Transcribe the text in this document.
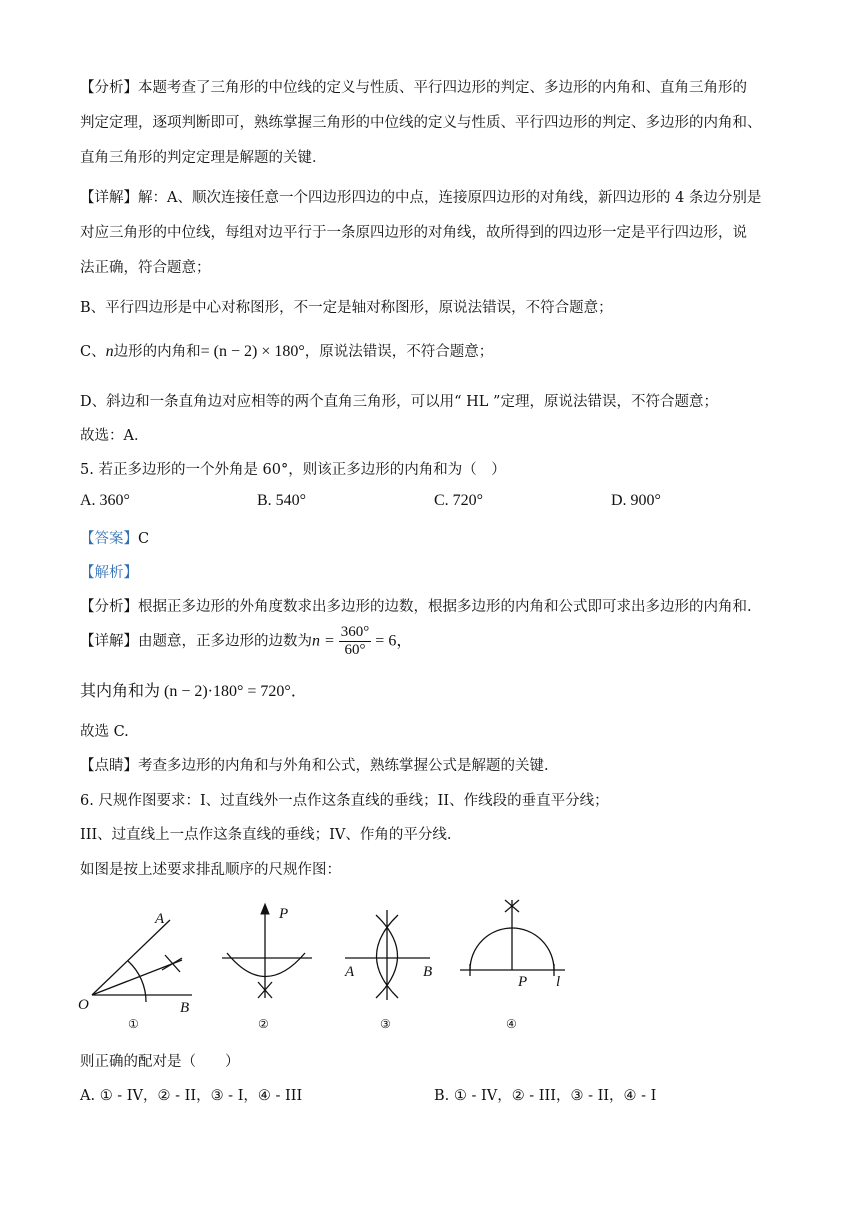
【分析】本题考查了三角形的中位线的定义与性质、平行四边形的判定、多边形的内角和、直角三角形的
判定定理，逐项判断即可，熟练掌握三角形的中位线的定义与性质、平行四边形的判定、多边形的内角和、
直角三角形的判定定理是解题的关键．
【详解】解：A、顺次连接任意一个四边形四边的中点，连接原四边形的对角线，新四边形的 4 条边分别是
对应三角形的中位线，每组对边平行于一条原四边形的对角线，故所得到的四边形一定是平行四边形，说
法正确，符合题意；
B、平行四边形是中心对称图形，不一定是轴对称图形，原说法错误，不符合题意；
C、n边形的内角和= (n − 2) × 180°，原说法错误，不符合题意；
D、斜边和一条直角边对应相等的两个直角三角形，可以用“ HL ”定理，原说法错误，不符合题意；
故选：A．
5. 若正多边形的一个外角是 60°，则该正多边形的内角和为（　）
A. 360°	B. 540°	C. 720°	D. 900°
【答案】C
【解析】
【分析】根据正多边形的外角度数求出多边形的边数，根据多边形的内角和公式即可求出多边形的内角和.
【详解】由题意，正多边形的边数为$n = \frac{360^\circ}{60^\circ} = 6$，
其内角和为 (n − 2)·180° = 720°．
故选 C.
【点睛】考查多边形的内角和与外角和公式，熟练掌握公式是解题的关键.
6. 尺规作图要求：I、过直线外一点作这条直线的垂线；II、作线段的垂直平分线；
III、过直线上一点作这条直线的垂线；IV、作角的平分线.
如图是按上述要求排乱顺序的尺规作图：
A
O	B
P
A	B
P l
①	②	③	④
则正确的配对是（　　）
A. ① - IV，② - II，③ - I，④ - III	B. ① - IV，② - III，③ - II，④ - I
